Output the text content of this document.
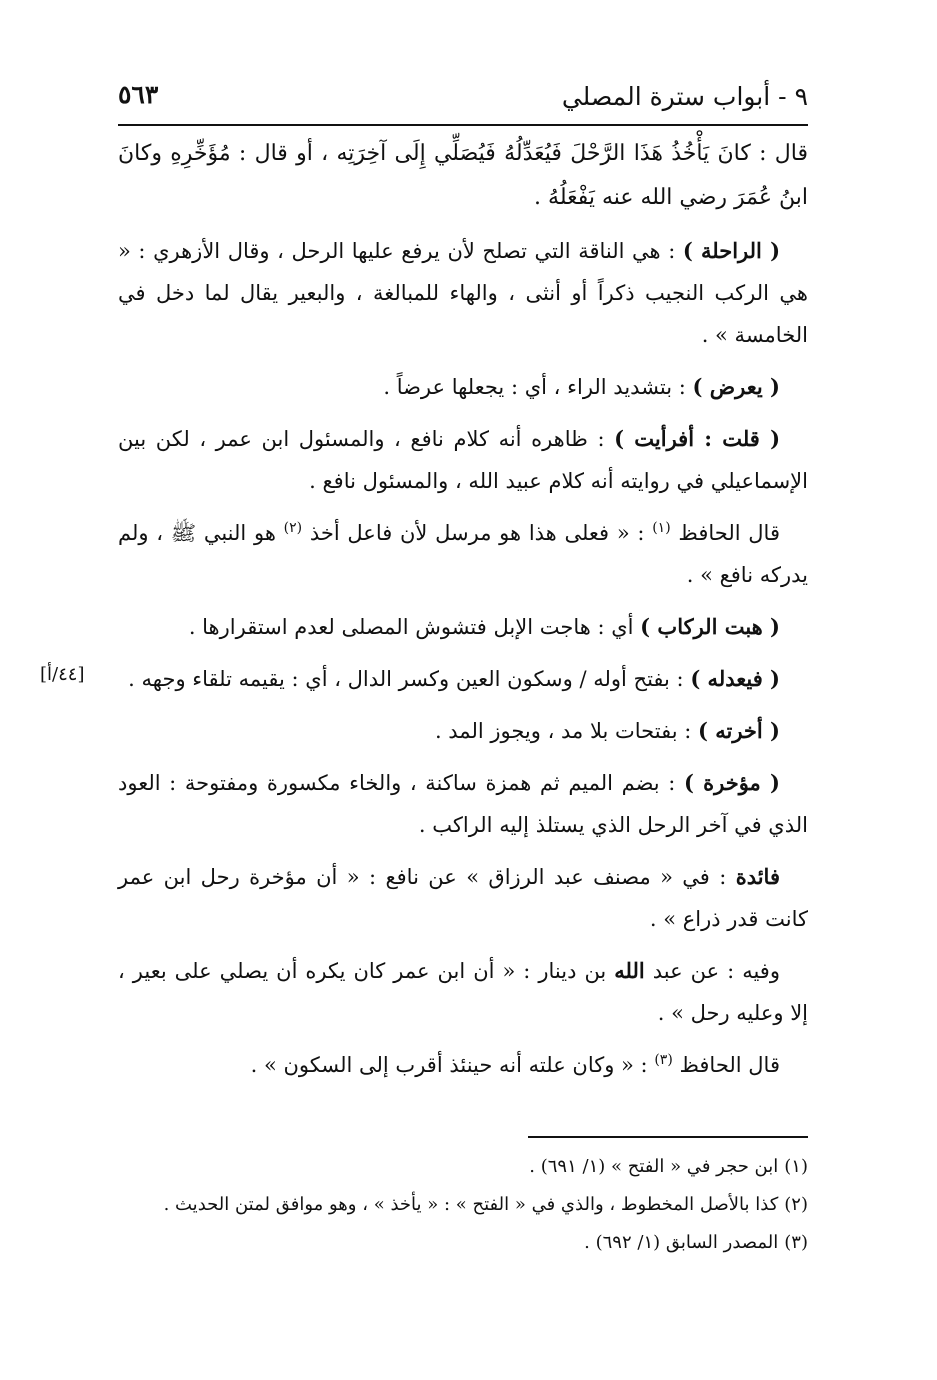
٩ - أبواب سترة المصلي
٥٦٣
[٤٤/أ]

قال : كانَ يَأْخُذُ هَذَا الرَّحْلَ فَيُعَدِّلُهُ فَيُصَلِّي إِلَى آخِرَتِه ، أو قال : مُؤَخِّرِهِ وكانَ ابنُ عُمَرَ رضي الله عنه يَفْعَلُهُ .

( الراحلة ) : هي الناقة التي تصلح لأن يرفع عليها الرحل ، وقال الأزهري : « هي الركب النجيب ذكراً أو أنثى ، والهاء للمبالغة ، والبعير يقال لما دخل في الخامسة » .

( يعرض ) : بتشديد الراء ، أي : يجعلها عرضاً .

( قلت : أفرأيت ) : ظاهره أنه كلام نافع ، والمسئول ابن عمر ، لكن بين الإسماعيلي في روايته أنه كلام عبيد الله ، والمسئول نافع .

قال الحافظ $^{(١)}$ : « فعلى هذا هو مرسل لأن فاعل أخذ $^{(٢)}$ هو النبي ﷺ ، ولم يدركه نافع » .

( هبت الركاب ) أي : هاجت الإبل فتشوش المصلى لعدم استقرارها .

( فيعدله ) : بفتح أوله / وسكون العين وكسر الدال ، أي : يقيمه تلقاء وجهه .

( أخرته ) : بفتحات بلا مد ، ويجوز المد .

( مؤخرة ) : بضم الميم ثم همزة ساكنة ، والخاء مكسورة ومفتوحة : العود الذي في آخر الرحل الذي يستلذ إليه الراكب .

فائدة : في « مصنف عبد الرزاق » عن نافع : « أن مؤخرة رحل ابن عمر كانت قدر ذراع » .

وفيه : عن عبد الله بن دينار : « أن ابن عمر كان يكره أن يصلي على بعير ، إلا وعليه رحل » .

قال الحافظ $^{(٣)}$ : « وكان علته أنه حينئذ أقرب إلى السكون » .

(١)ابن حجر في « الفتح » (١/ ٦٩١) .

(٢)كذا بالأصل المخطوط ، والذي في « الفتح » : « يأخذ » ، وهو موافق لمتن الحديث .

(٣)المصدر السابق (١/ ٦٩٢) .
